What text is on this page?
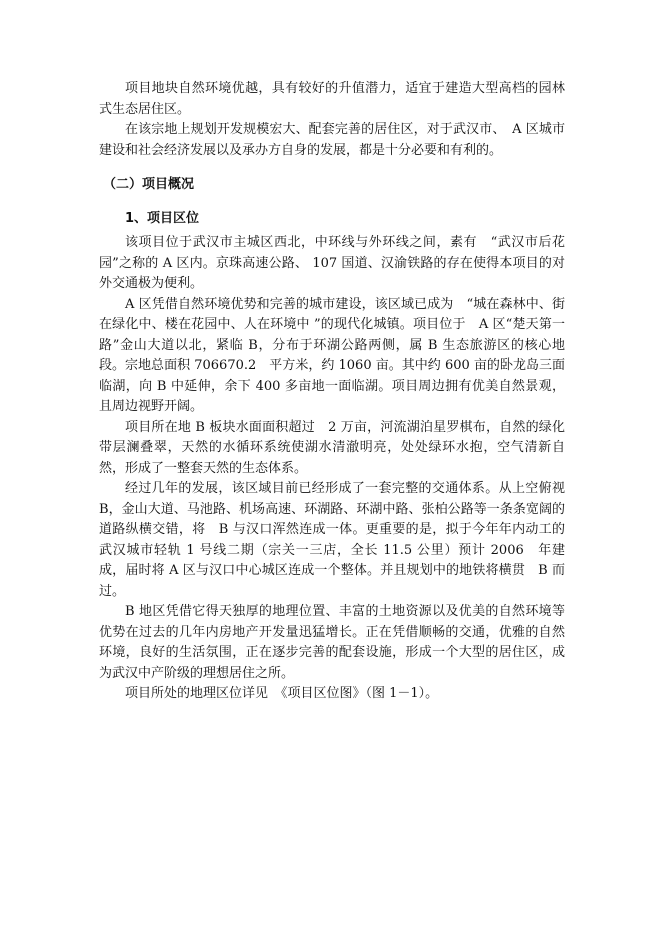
项目地块自然环境优越，具有较好的升值潜力，适宜于建造大型高档的园林式生态居住区。

在该宗地上规划开发规模宏大、配套完善的居住区，对于武汉市、　A 区城市建设和社会经济发展以及承办方自身的发展，都是十分必要和有利的。

（二）项目概况
1、项目区位

该项目位于武汉市主城区西北，中环线与外环线之间，素有　“武汉市后花园”之称的 A 区内。京珠高速公路、 107 国道、汉渝铁路的存在使得本项目的对外交通极为便利。

A 区凭借自然环境优势和完善的城市建设，该区域已成为　“城在森林中、街在绿化中、楼在花园中、人在环境中 ”的现代化城镇。项目位于　A 区“楚天第一路”金山大道以北，紧临 B，分布于环湖公路两侧，属 B 生态旅游区的核心地段。宗地总面积 706670.2　平方米，约 1060 亩。其中约 600 亩的卧龙岛三面临湖，向 B 中延伸，余下 400 多亩地一面临湖。项目周边拥有优美自然景观，且周边视野开阔。

项目所在地 B 板块水面面积超过　2 万亩，河流湖泊星罗棋布，自然的绿化带层澜叠翠，天然的水循环系统使湖水清澈明亮，处处绿环水抱，空气清新自然，形成了一整套天然的生态体系。

经过几年的发展，该区域目前已经形成了一套完整的交通体系。从上空俯视 B，金山大道、马池路、机场高速、环湖路、环湖中路、张柏公路等一条条宽阔的道路纵横交错，将　B 与汉口浑然连成一体。更重要的是，拟于今年年内动工的武汉城市轻轨 1 号线二期（宗关一三店，全长 11.5 公里）预计 2006　年建成，届时将 A 区与汉口中心城区连成一个整体。并且规划中的地铁将横贯　B 而过。

B 地区凭借它得天独厚的地理位置、丰富的土地资源以及优美的自然环境等优势在过去的几年内房地产开发量迅猛增长。正在凭借顺畅的交通，优雅的自然环境，良好的生活氛围，正在逐步完善的配套设施，形成一个大型的居住区，成为武汉中产阶级的理想居住之所。

项目所处的地理区位详见　《项目区位图》（图 1－1）。
